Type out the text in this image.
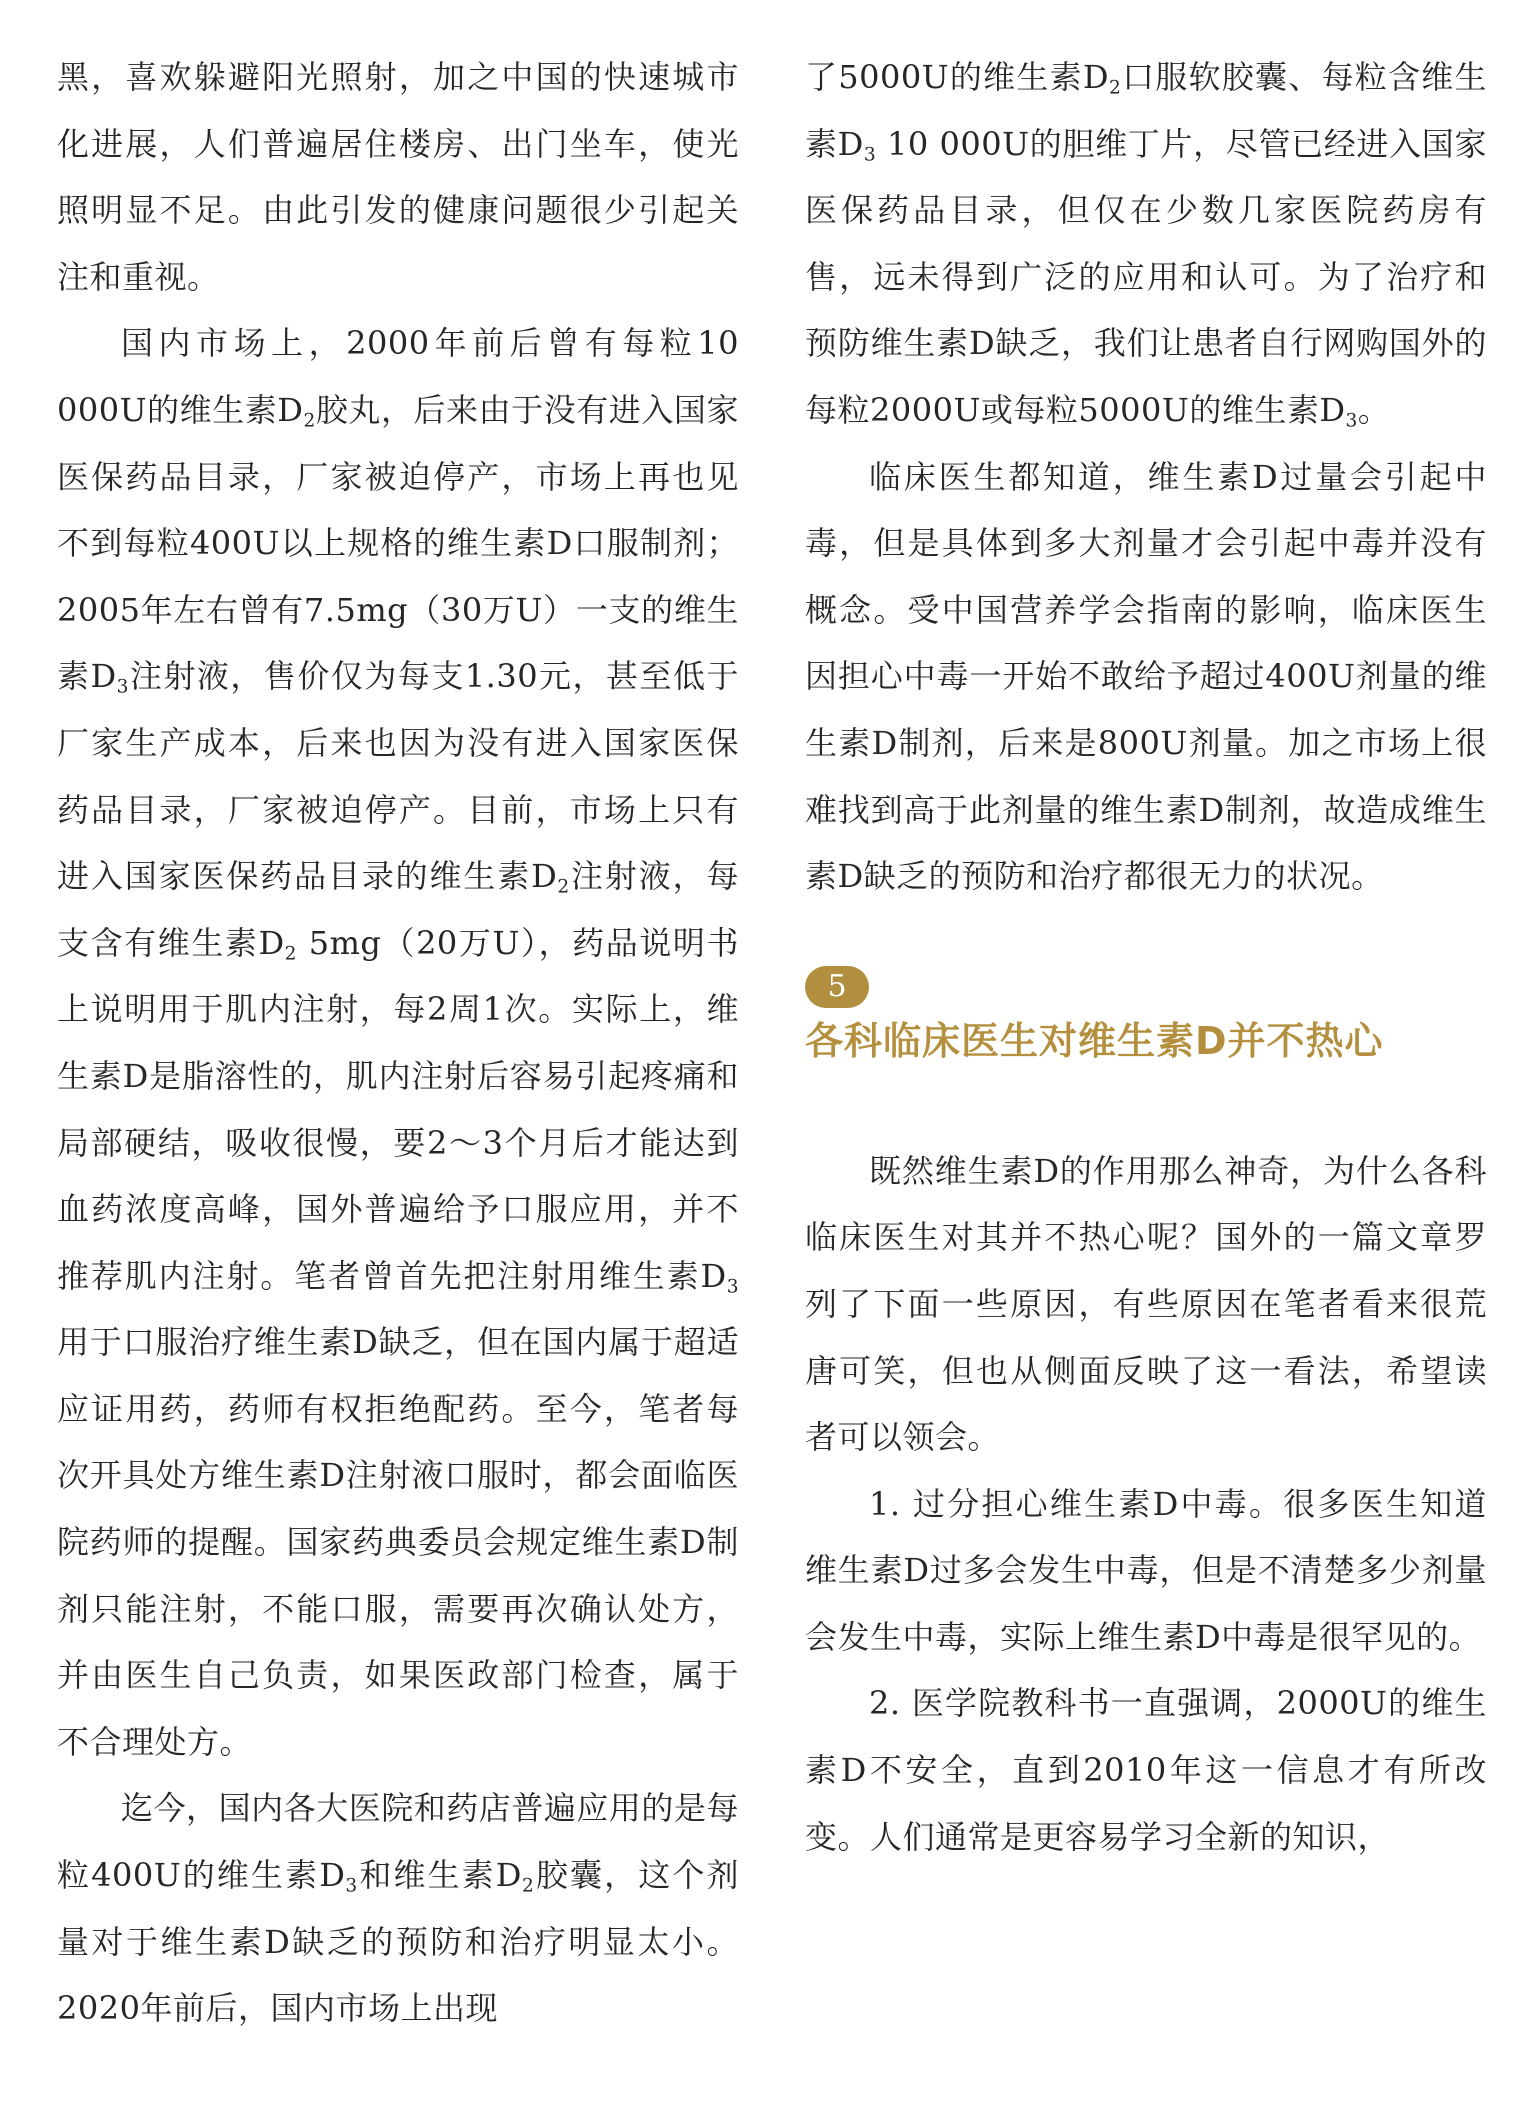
黑，喜欢躲避阳光照射，加之中国的快速城市化进展，人们普遍居住楼房、出门坐车，使光照明显不足。由此引发的健康问题很少引起关注和重视。

国内市场上，2000年前后曾有每粒10 000U的维生素$D_2$胶丸，后来由于没有进入国家医保药品目录，厂家被迫停产，市场上再也见不到每粒400U以上规格的维生素D口服制剂；2005年左右曾有7.5mg（30万U）一支的维生素$D_3$注射液，售价仅为每支1.30元，甚至低于厂家生产成本，后来也因为没有进入国家医保药品目录，厂家被迫停产。目前，市场上只有进入国家医保药品目录的维生素$D_2$注射液，每支含有维生素$D_2$ 5mg（20万U），药品说明书上说明用于肌内注射，每2周1次。实际上，维生素D是脂溶性的，肌内注射后容易引起疼痛和局部硬结，吸收很慢，要2～3个月后才能达到血药浓度高峰，国外普遍给予口服应用，并不推荐肌内注射。笔者曾首先把注射用维生素$D_3$用于口服治疗维生素D缺乏，但在国内属于超适应证用药，药师有权拒绝配药。至今，笔者每次开具处方维生素D注射液口服时，都会面临医院药师的提醒。国家药典委员会规定维生素D制剂只能注射，不能口服，需要再次确认处方，并由医生自己负责，如果医政部门检查，属于不合理处方。

迄今，国内各大医院和药店普遍应用的是每粒400U的维生素$D_3$和维生素$D_2$胶囊，这个剂量对于维生素D缺乏的预防和治疗明显太小。2020年前后，国内市场上出现

了5000U的维生素$D_2$口服软胶囊、每粒含维生素$D_3$ 10 000U的胆维丁片，尽管已经进入国家医保药品目录，但仅在少数几家医院药房有售，远未得到广泛的应用和认可。为了治疗和预防维生素D缺乏，我们让患者自行网购国外的每粒2000U或每粒5000U的维生素$D_3$。

临床医生都知道，维生素D过量会引起中毒，但是具体到多大剂量才会引起中毒并没有概念。受中国营养学会指南的影响，临床医生因担心中毒一开始不敢给予超过400U剂量的维生素D制剂，后来是800U剂量。加之市场上很难找到高于此剂量的维生素D制剂，故造成维生素D缺乏的预防和治疗都很无力的状况。

5
各科临床医生对维生素D并不热心

既然维生素D的作用那么神奇，为什么各科临床医生对其并不热心呢？国外的一篇文章罗列了下面一些原因，有些原因在笔者看来很荒唐可笑，但也从侧面反映了这一看法，希望读者可以领会。

1. 过分担心维生素D中毒。很多医生知道维生素D过多会发生中毒，但是不清楚多少剂量会发生中毒，实际上维生素D中毒是很罕见的。

2. 医学院教科书一直强调，2000U的维生素D不安全，直到2010年这一信息才有所改变。人们通常是更容易学习全新的知识，
